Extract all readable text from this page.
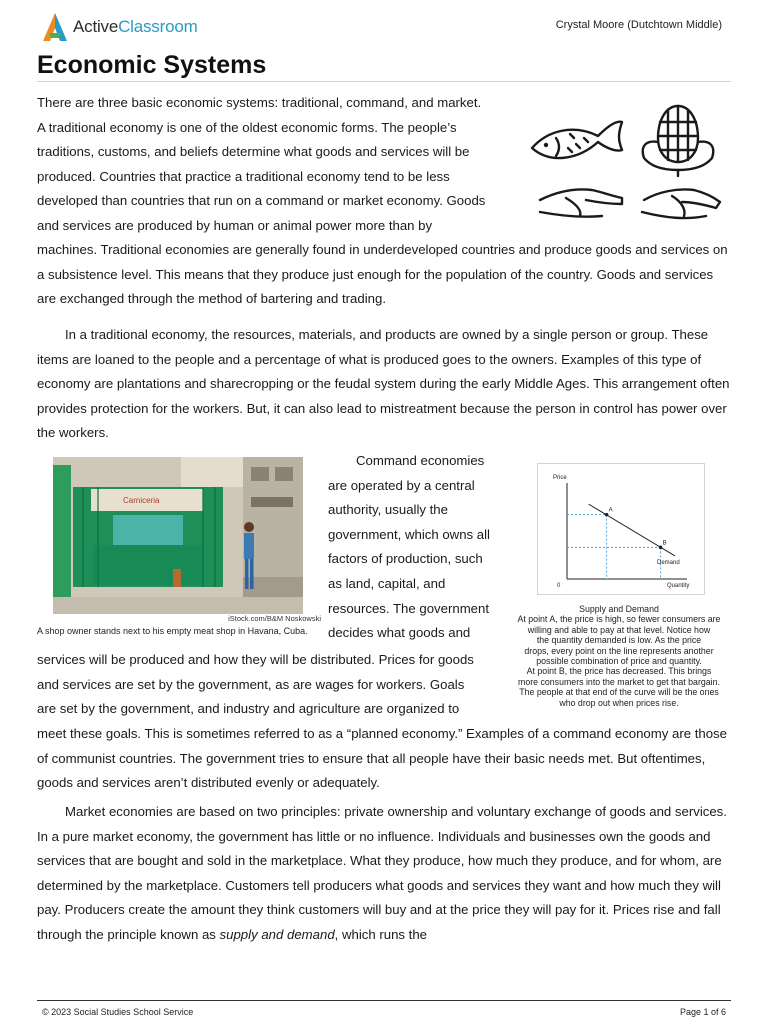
ActiveClassroom	Crystal Moore (Dutchtown Middle)
Economic Systems
There are three basic economic systems: traditional, command, and market.
A traditional economy is one of the oldest economic forms. The people’s
traditions, customs, and beliefs determine what goods and services will be
produced. Countries that practice a traditional economy tend to be less
developed than countries that run on a command or market economy. Goods
and services are produced by human or animal power more than by

machines. Traditional economies are generally found in underdeveloped countries and produce goods and services on a subsistence level. This means that they produce just enough for the population of the country. Goods and services are exchanged through the method of bartering and trading.

In a traditional economy, the resources, materials, and products are owned by a single person or group. These items are loaned to the people and a percentage of what is produced goes to the owners. Examples of this type of economy are plantations and sharecropping or the feudal system during the early Middle Ages. This arrangement often provides protection for the workers. But, it can also lead to mistreatment because the person in control has power over the workers.

Carniceria
iStock.com/B&M Noskowski
A shop owner stands next to his empty meat shop in Havana, Cuba.
Command economies
are operated by a central
authority, usually the
government, which owns all
factors of production, such
as land, capital, and
resources. The government
decides what goods and
services will be produced and how they will be distributed. Prices for goods
and services are set by the government, as are wages for workers. Goals
are set by the government, and industry and agriculture are organized to

meet these goals. This is sometimes referred to as a “planned economy.” Examples of a command economy are those of communist countries. The government tries to ensure that all people have their basic needs met. But oftentimes, goods and services aren’t distributed evenly or adequately.

Price
0	Quantity
A
B
Demand
Supply and Demand
At point A, the price is high, so fewer consumers are
willing and able to pay at that level. Notice how
the quantity demanded is low. As the price
drops, every point on the line represents another
possible combination of price and quantity.
At point B, the price has decreased. This brings
more consumers into the market to get that bargain.
The people at that end of the curve will be the ones
who drop out when prices rise.

Market economies are based on two principles: private ownership and voluntary exchange of goods and services. In a pure market economy, the government has little or no influence. Individuals and businesses own the goods and services that are bought and sold in the marketplace. What they produce, how much they produce, and for whom, are determined by the marketplace. Customers tell producers what goods and services they want and how much they will pay. Producers create the amount they think customers will buy and at the price they will pay for it. Prices rise and fall through the principle known as supply and demand, which runs the

© 2023 Social Studies School Service	Page 1 of 6
